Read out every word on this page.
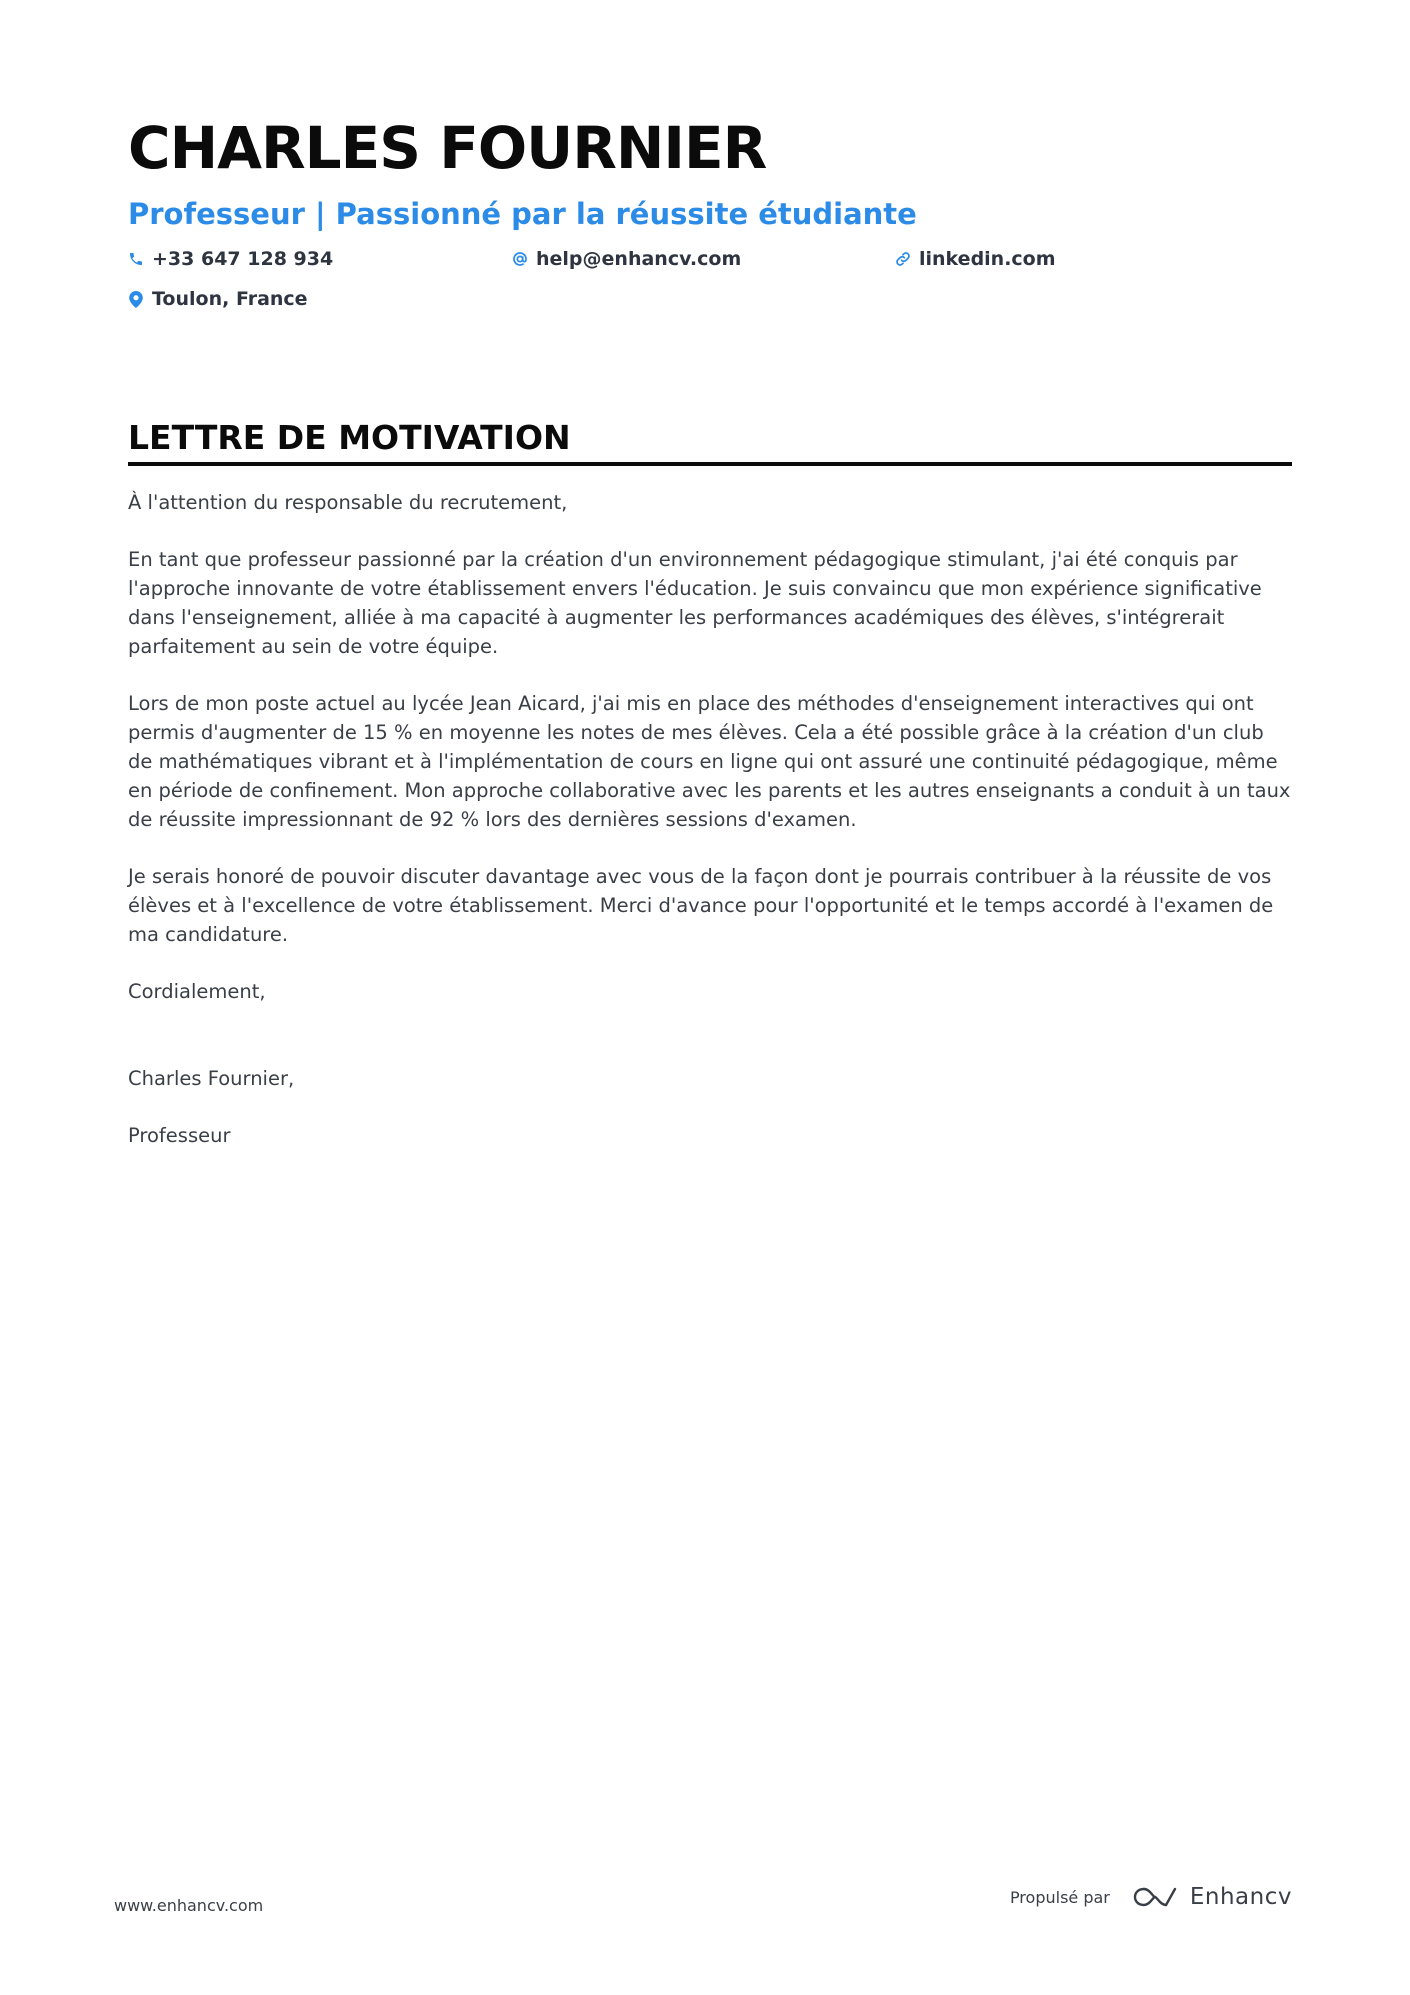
CHARLES FOURNIER
Professeur | Passionné par la réussite étudiante
+33 647 128 934	help@enhancv.com	linkedin.com
Toulon, France
LETTRE DE MOTIVATION

À l'attention du responsable du recrutement,

En tant que professeur passionné par la création d'un environnement pédagogique stimulant, j'ai été conquis par l'approche innovante de votre établissement envers l'éducation. Je suis convaincu que mon expérience significative dans l'enseignement, alliée à ma capacité à augmenter les performances académiques des élèves, s'intégrerait parfaitement au sein de votre équipe.

Lors de mon poste actuel au lycée Jean Aicard, j'ai mis en place des méthodes d'enseignement interactives qui ont permis d'augmenter de 15 % en moyenne les notes de mes élèves. Cela a été possible grâce à la création d'un club de mathématiques vibrant et à l'implémentation de cours en ligne qui ont assuré une continuité pédagogique, même en période de confinement. Mon approche collaborative avec les parents et les autres enseignants a conduit à un taux de réussite impressionnant de 92 % lors des dernières sessions d'examen.

Je serais honoré de pouvoir discuter davantage avec vous de la façon dont je pourrais contribuer à la réussite de vos élèves et à l'excellence de votre établissement. Merci d'avance pour l'opportunité et le temps accordé à l'examen de ma candidature.

Cordialement,

Charles Fournier,

Professeur

www.enhancv.com	Propulsé par	Enhancv
